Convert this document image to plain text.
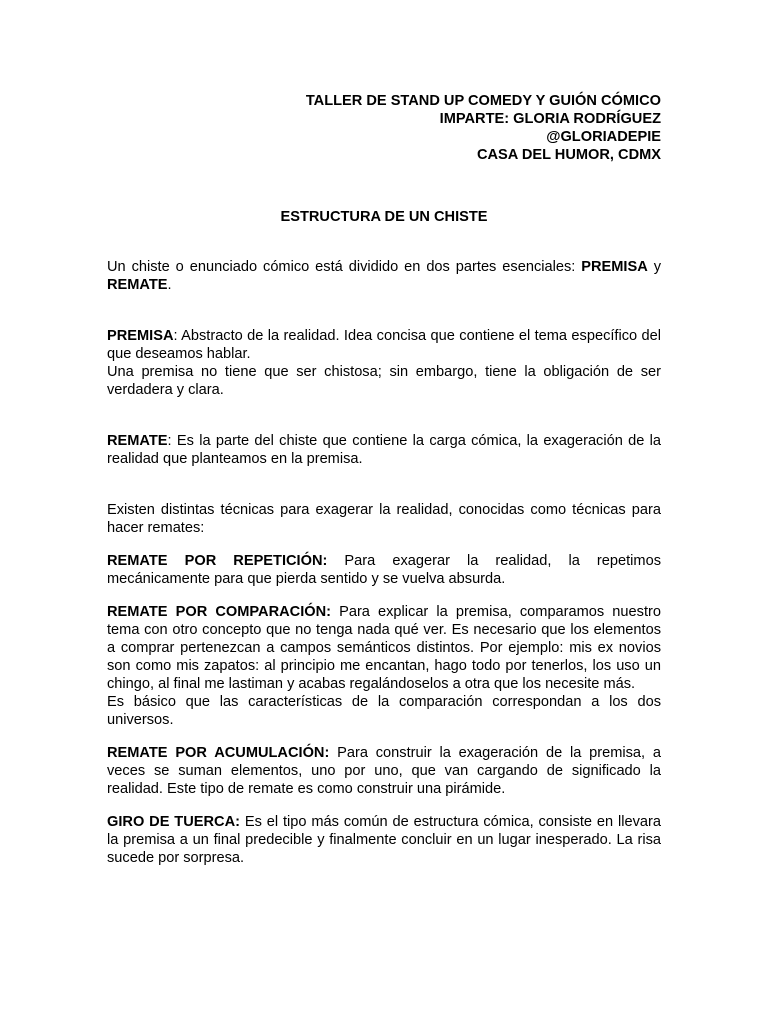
TALLER DE STAND UP COMEDY Y GUIÓN CÓMICO
IMPARTE: GLORIA RODRÍGUEZ
@GLORIADEPIE
CASA DEL HUMOR, CDMX
ESTRUCTURA DE UN CHISTE

Un chiste o enunciado cómico está dividido en dos partes esenciales: PREMISA y REMATE.

PREMISA: Abstracto de la realidad. Idea concisa que contiene el tema específico del que deseamos hablar.

Una premisa no tiene que ser chistosa; sin embargo, tiene la obligación de ser verdadera y clara.

REMATE: Es la parte del chiste que contiene la carga cómica, la exageración de la realidad que planteamos en la premisa.

Existen distintas técnicas para exagerar la realidad, conocidas como técnicas para hacer remates:

REMATE POR REPETICIÓN: Para exagerar la realidad, la repetimos mecánicamente para que pierda sentido y se vuelva absurda.

REMATE POR COMPARACIÓN: Para explicar la premisa, comparamos nuestro tema con otro concepto que no tenga nada qué ver. Es necesario que los elementos a comprar pertenezcan a campos semánticos distintos. Por ejemplo: mis ex novios son como mis zapatos: al principio me encantan, hago todo por tenerlos, los uso un chingo, al final me lastiman y acabas regalándoselos a otra que los necesite más.

Es básico que las características de la comparación correspondan a los dos universos.

REMATE POR ACUMULACIÓN: Para construir la exageración de la premisa, a veces se suman elementos, uno por uno, que van cargando de significado la realidad. Este tipo de remate es como construir una pirámide.

GIRO DE TUERCA: Es el tipo más común de estructura cómica, consiste en llevara la premisa a un final predecible y finalmente concluir en un lugar inesperado. La risa sucede por sorpresa.
